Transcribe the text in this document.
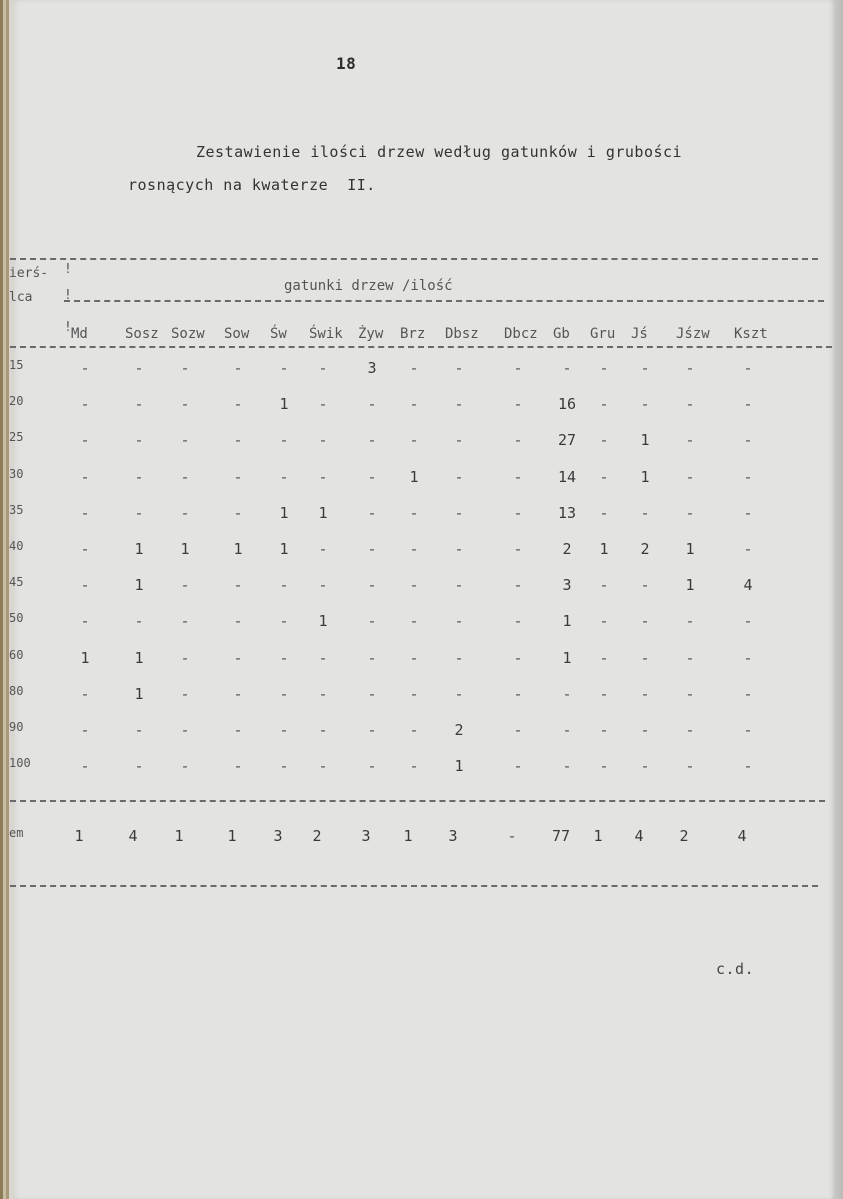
18
Zestawienie ilości drzew według gatunków i grubości
rosnących na kwaterze  II.
ierś-
lca
!
!
!
gatunki drzew /ilość
Md	Sosz Sozw Sow Św Świk Żyw Brz Dbsz Dbcz Gb Gru Jś Jśzw Kszt
15	-	-	-	-	-	-	3	-	-	-	-	-	-	-	-
20	-	-	-	-	1	-	-	-	-	-	16	-	-	-	-
25	-	-	-	-	-	-	-	-	-	-	27	-	1	-	-
30	-	-	-	-	-	-	-	1	-	-	14	-	1	-	-
35	-	-	-	-	1	1	-	-	-	-	13	-	-	-	-
40	-	1	1	1	1	-	-	-	-	-	2	1	2	1	-
45	-	1	-	-	-	-	-	-	-	-	3	-	-	1	4
50	-	-	-	-	-	1	-	-	-	-	1	-	-	-	-
60	1	1	-	-	-	-	-	-	-	-	1	-	-	-	-
80	-	1	-	-	-	-	-	-	-	-	-	-	-	-	-
90	-	-	-	-	-	-	-	-	2	-	-	-	-	-	-
100	-	-	-	-	-	-	-	-	1	-	-	-	-	-	-
em	1	4	1	1	3	2	3	1	3	-	77	1	4	2	4
c.d.
